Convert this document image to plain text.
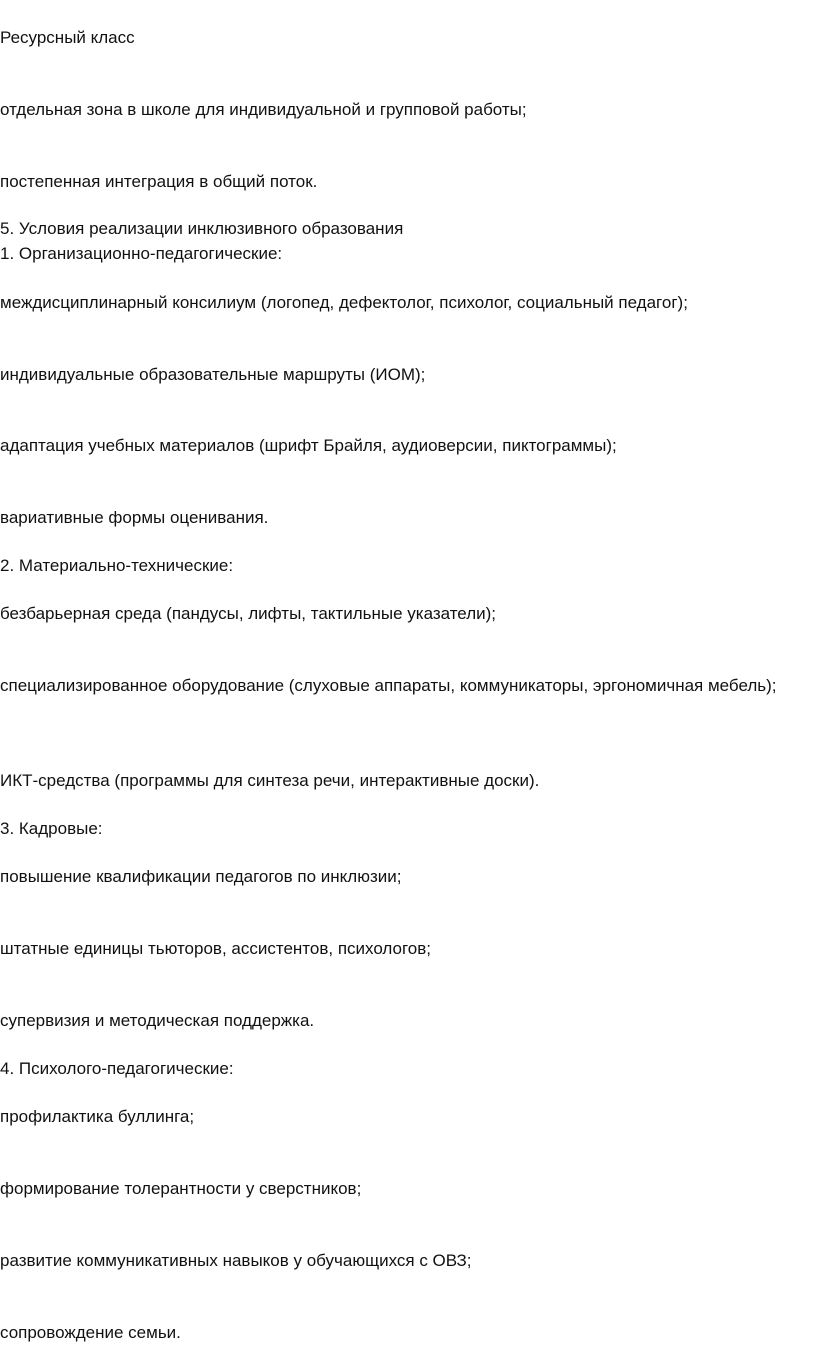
Ресурсный класс

отдельная зона в школе для индивидуальной и групповой работы;

постепенная интеграция в общий поток.

5. Условия реализации инклюзивного образования

1. Организационно-педагогические:

междисциплинарный консилиум (логопед, дефектолог, психолог, социальный педагог);

индивидуальные образовательные маршруты (ИОМ);

адаптация учебных материалов (шрифт Брайля, аудиоверсии, пиктограммы);

вариативные формы оценивания.

2. Материально-технические:

безбарьерная среда (пандусы, лифты, тактильные указатели);

специализированное оборудование (слуховые аппараты, коммуникаторы, эргономичная мебель);

ИКТ-средства (программы для синтеза речи, интерактивные доски).

3. Кадровые:

повышение квалификации педагогов по инклюзии;

штатные единицы тьюторов, ассистентов, психологов;

супервизия и методическая поддержка.

4. Психолого-педагогические:

профилактика буллинга;

формирование толерантности у сверстников;

развитие коммуникативных навыков у обучающихся с ОВЗ;

сопровождение семьи.
